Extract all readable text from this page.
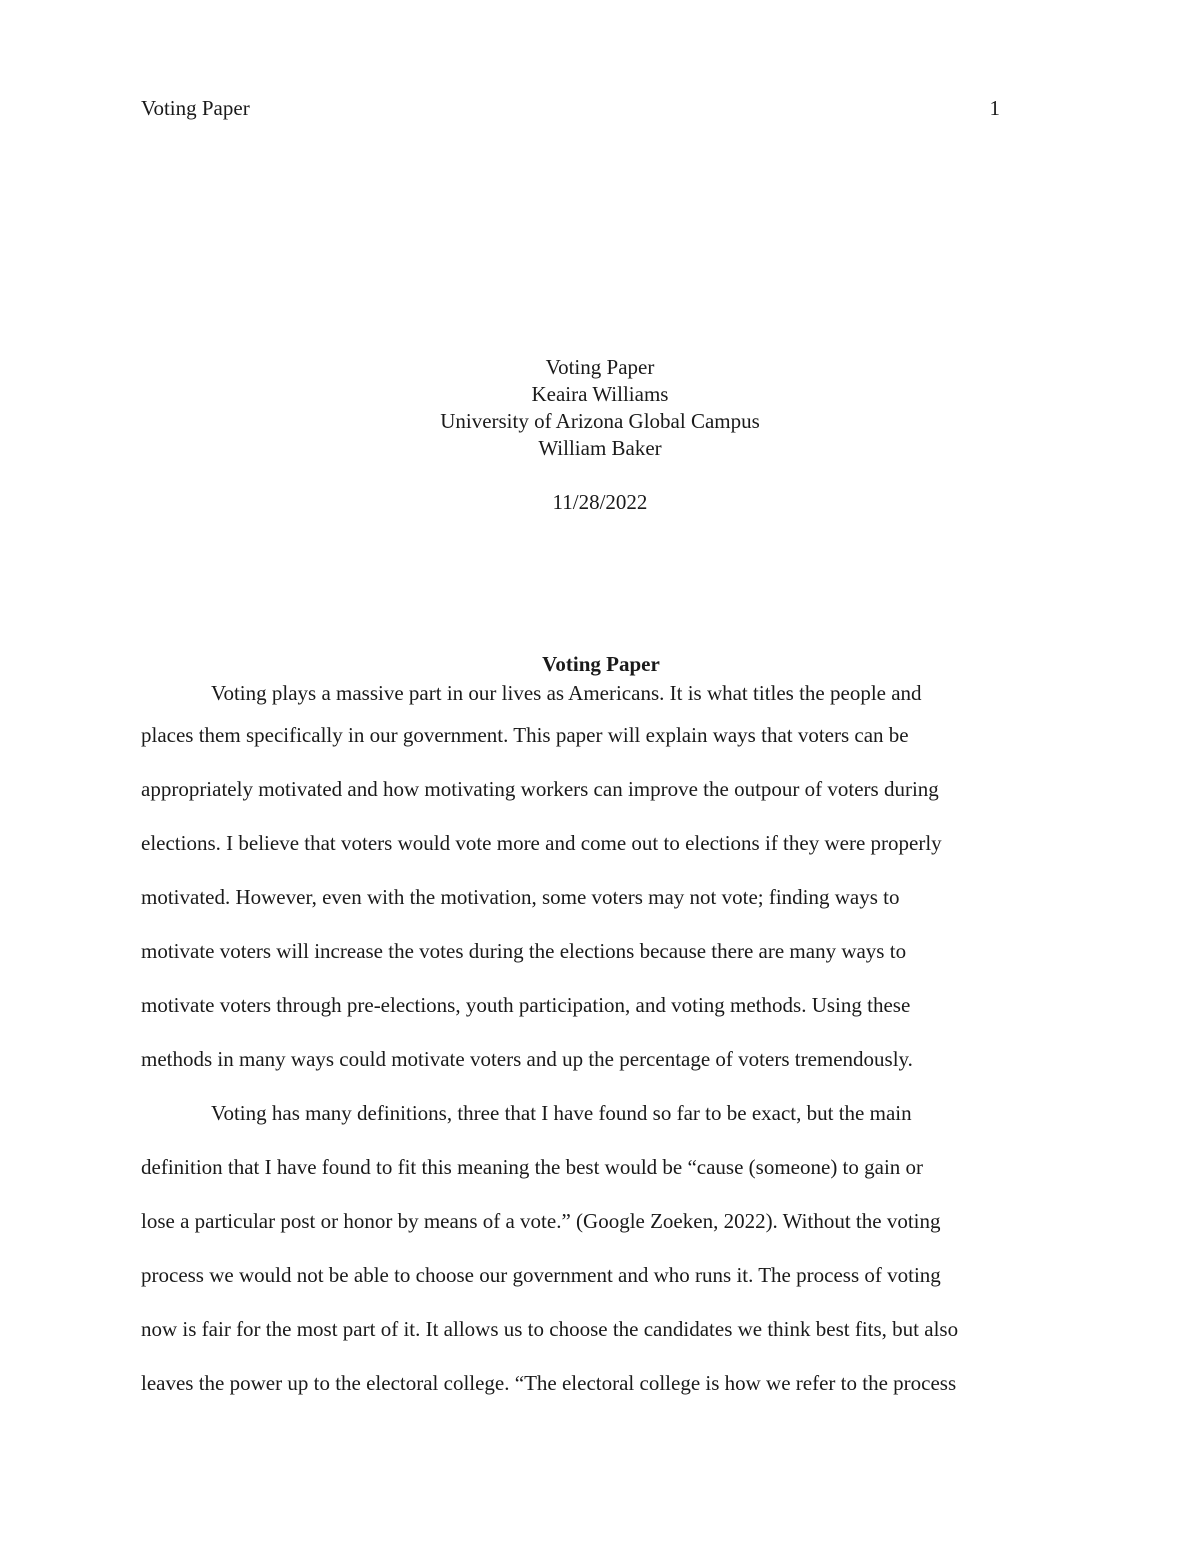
Voting Paper	1
Voting Paper
Keaira Williams
University of Arizona Global Campus
William Baker
11/28/2022
Voting Paper
Voting plays a massive part in our lives as Americans. It is what titles the people and
places them specifically in our government. This paper will explain ways that voters can be
appropriately motivated and how motivating workers can improve the outpour of voters during
elections. I believe that voters would vote more and come out to elections if they were properly
motivated. However, even with the motivation, some voters may not vote; finding ways to
motivate voters will increase the votes during the elections because there are many ways to
motivate voters through pre-elections, youth participation, and voting methods. Using these
methods in many ways could motivate voters and up the percentage of voters tremendously.
Voting has many definitions, three that I have found so far to be exact, but the main
definition that I have found to fit this meaning the best would be “cause (someone) to gain or
lose a particular post or honor by means of a vote.” (Google Zoeken, 2022). Without the voting
process we would not be able to choose our government and who runs it. The process of voting
now is fair for the most part of it. It allows us to choose the candidates we think best fits, but also
leaves the power up to the electoral college. “The electoral college is how we refer to the process
